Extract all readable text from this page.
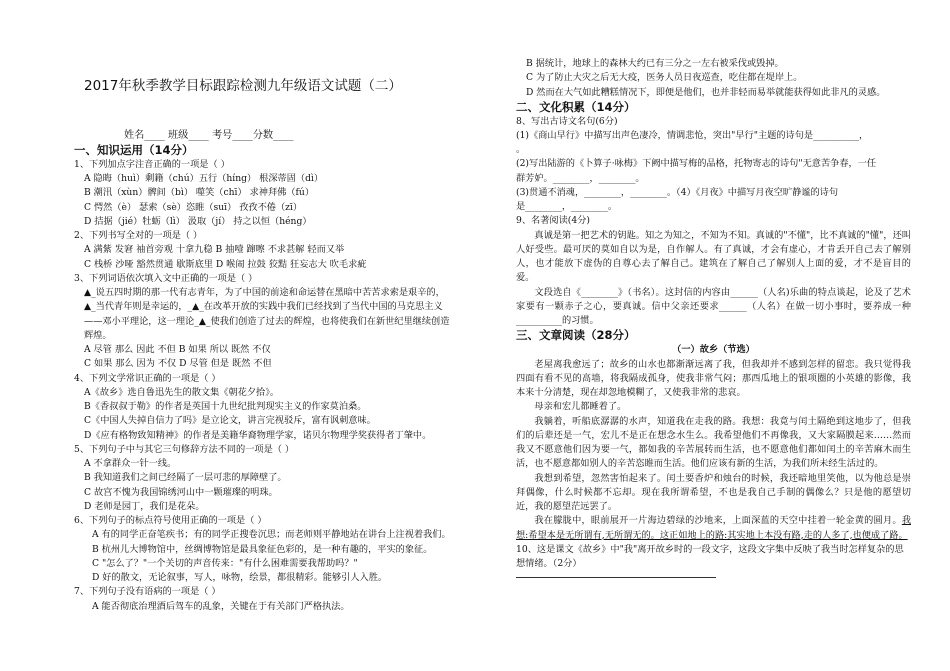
2017年秋季教学目标跟踪检测九年级语文试题（二）
姓名____ 班级____ 考号____分数____
一、知识运用（14分）
1、下列加点字注音正确的一项是（ ）
A 隐晦（huì）剩籍（chú）五行（híng） 根深蒂固（dì）
B 潮汛（xùn）髀间（bì） 噬笑（chī） 求神拜佛（fú）
C 愕然（è） 瑟索（sè）恣睢（suī） 孜孜不倦（zī）
D 拮据（jié）牡蛎（lì） 汲取（jí） 持之以恒（héng）
2、下列书写全对的一项是（ ）
A 满紫 发窘 袖首旁观 十拿九稳 B 抽噎 蹿嚓 不求甚解 轻而又举
C 栈桥 沙哑 豁然贯通 歇斯底里 D 喉闹 拉鼓 狡黠 狂妄志大 吹毛求疵
3、下列词语依次填入文中正确的一项是（ ）
▲_说五四时期的那一代有志青年，为了中国的前途和命运替在黑暗中苦苦求索是艰辛的，
▲_当代青年则是幸运的，_▲_在改革开放的实践中我们已经找到了当代中国的马克思主义
——邓小平理论，这一理论_▲_使我们创造了过去的辉煌，也将使我们在新世纪里继续创造
辉煌。
A 尽管 那么 因此 不但 B 如果 所以 既然 不仅
C 如果 那么 因为 不仅 D 尽管 但是 既然 不但
4、下列文学常识正确的一项是（ ）
A《故乡》选自鲁迅先生的散文集《朝花夕拾》。
B《香叔叔于勒》的作者是英国十九世纪批判现实主义的作家莫泊桑。
C《中国人失掉自信力了吗》是立论文，讲言完视驳斥，富有讽刺意味。
D《应有格物致知精神》的作者是美籍华裔物理学家，诺贝尔物理学奖获得者丁肇中。
5、下列句子中与其它三句修辞方法不同的一项是（ ）
A 不拿群众一针一线。
B 我知道我们之间已经隔了一层可悲的厚障壁了。
C 故宫不愧为我国锦绣河山中一颗璀璨的明珠。
D 老师是园丁，我们是花朵。
6、下列句子的标点符号使用正确的一项是（ ）
A 有的同学正奋笔疾书；有的同学正搜卷沉思；而老师则平静地站在讲台上注视着我们。
B 杭州儿大博物馆中，丝绸博物馆是最具象征色彩的，是一种有趣的，平实的象征。
C "怎么了？"一个关切的声音传来："有什么困难需要我帮助吗？"
D 好的散文，无论叙事，写人，咏物，绘景，都很精彩。能够引人入胜。
7、下列句子没有语病的一项是（ ）
A 能否彻底治理酒后驾车的乱象，关键在于有关部门严格执法。
B 据统计，地球上的森林大约已有三分之一左右被采伐或毁掉。
C 为了防止大灾之后无大疫，医务人员日夜巡查，吃住都在堤岸上。
D 然而在大气如此糟糕情况下，即便是他们，也并非轻而易举就能获得如此非凡的灵感。
二、文化积累（14分）
8、写出古诗文名句(6分)
(1)《商山早行》中描写出声色凄冷，情调悲怆，突出"早行"主题的诗句是__________，
。
(2)写出陆游的《卜算子·咏梅》下阙中描写梅的品格，托物寄志的诗句"无意苦争春，一任
群芳妒。________，________。
(3)贯通不消魂，________，________。（4）《月夜》中描写月夜空旷静谧的诗句
是________，________。
9、名著阅读(4分)
真诚是第一把艺术的钥匙。知之为知之，不知为不知。真诚的"不懂"，比不真诚的"懂"，还叫人好受些。最可厌的莫如自以为是，自作解人。有了真诚，才会有虚心，才肯丢开自己去了解别人，也才能放下虚伪的自尊心去了解自己。建筑在了解自己了解别人上面的爱，才不是盲目的爱。
文段选自《________》（书名）。这封信的内容由______（人名)乐曲的特点谈起，论及了艺术家要有一颗赤子之心，要真诚。信中父亲还要求______（人名）在做一切小事时，要养成一种__________的习惯。
三、文章阅读（28分）
（一）故乡（节选）
老屋离我愈远了；故乡的山水也都渐渐远离了我，但我却并不感到怎样的留恋。我只觉得我四面有看不见的高墙，将我隔成孤身，使我非常气闷；那西瓜地上的银项圈的小英雄的影像，我本来十分清楚，现在却忽地模糊了，又使我非常的悲哀。
母亲和宏儿都睡着了。
我躺着，听船底潺潺的水声，知道我在走我的路。我想：我竟与闰土隔绝到这地步了，但我们的后辈还是一气，宏儿不是正在想念水生么。我希望他们不再像我，又大家隔膜起来……然而我又不愿意他们因为要一气，都如我的辛苦展转而生活，也不愿意他们都如闰土的辛苦麻木而生活，也不愿意都如别人的辛苦恣睢而生活。他们应该有新的生活，为我们所未经生活过的。
我想到希望，忽然害怕起来了。闰土要香炉和烛台的时候，我还暗地里笑他，以为他总是崇拜偶像，什么时候都不忘却。现在我所谓希望，不也是我自己手制的偶像么？只是他的愿望切近，我的愿望茫远罢了。
我在朦胧中，眼前展开一片海边碧绿的沙地来，上面深蓝的天空中挂着一轮金黄的圆月。我想:希望本是无所谓有,无所谓无的。这正如地上的路:其实地上本没有路,走的人多了,也便成了路。
10、这是课文《故乡》中"我"离开故乡时的一段文字，这段文字集中反映了我当时怎样复杂的思想情绪。（2分）
